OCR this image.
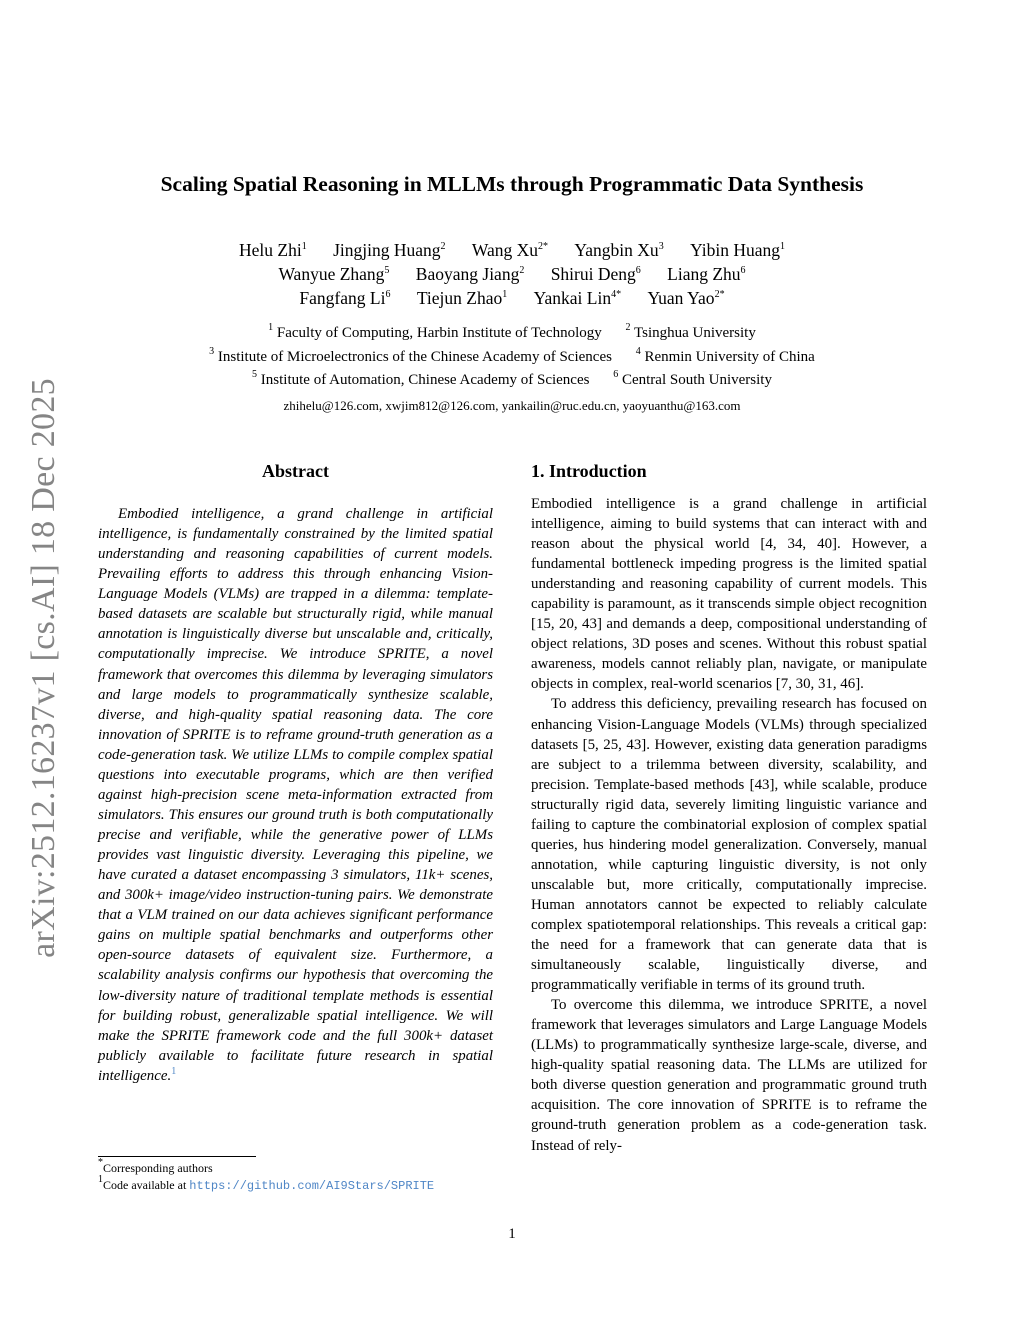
arXiv:2512.16237v1 [cs.AI] 18 Dec 2025
Scaling Spatial Reasoning in MLLMs through Programmatic Data Synthesis
Helu Zhi$^1$ Jingjing Huang$^2$ Wang $Xu^{2*}$ Yangbin Xu$^3$ Yibin Huang$^1$
Wanyue Zhang$^5$ Baoyang Jiang$^2$ Shirui Deng$^6$ Liang Zhu$^6$
Fangfang Li$^6$ Tiejun Zhao$^1$ Yankai Lin$^{4*}$ Yuan Yao$^{2*}$
$^1$ Faculty of Computing, Harbin Institute of Technology $^2$ Tsinghua University
$^3$ Institute of Microelectronics of the Chinese Academy of Sciences $^4$ Renmin University of China
$^5$ Institute of Automation, Chinese Academy of Sciences $^6$ Central South University
zhihelu@126.com, xwjim812@126.com, yankailin@ruc.edu.cn, yaoyuanthu@163.com
Abstract

Embodied intelligence, a grand challenge in artificial intelligence, is fundamentally constrained by the limited spatial understanding and reasoning capabilities of current models. Prevailing efforts to address this through enhancing Vision-Language Models (VLMs) are trapped in a dilemma: template-based datasets are scalable but structurally rigid, while manual annotation is linguistically diverse but unscalable and, critically, computationally imprecise. We introduce SPRITE, a novel framework that overcomes this dilemma by leveraging simulators and large models to programmatically synthesize scalable, diverse, and high-quality spatial reasoning data. The core innovation of SPRITE is to reframe ground-truth generation as a code-generation task. We utilize LLMs to compile complex spatial questions into executable programs, which are then verified against high-precision scene meta-information extracted from simulators. This ensures our ground truth is both computationally precise and verifiable, while the generative power of LLMs provides vast linguistic diversity. Leveraging this pipeline, we have curated a dataset encompassing 3 simulators, 11k+ scenes, and 300k+ image/video instruction-tuning pairs. We demonstrate that a VLM trained on our data achieves significant performance gains on multiple spatial benchmarks and outperforms other open-source datasets of equivalent size. Furthermore, a scalability analysis confirms our hypothesis that overcoming the low-diversity nature of traditional template methods is essential for building robust, generalizable spatial intelligence. We will make the SPRITE framework code and the full 300k+ dataset publicly available to facilitate future research in spatial intelligence.$^1$

1. Introduction

Embodied intelligence is a grand challenge in artificial intelligence, aiming to build systems that can interact with and reason about the physical world [4, 34, 40]. However, a fundamental bottleneck impeding progress is the limited spatial understanding and reasoning capability of current models. This capability is paramount, as it transcends simple object recognition [15, 20, 43] and demands a deep, compositional understanding of object relations, 3D poses and scenes. Without this robust spatial awareness, models cannot reliably plan, navigate, or manipulate objects in complex, real-world scenarios [7, 30, 31, 46].

To address this deficiency, prevailing research has focused on enhancing Vision-Language Models (VLMs) through specialized datasets [5, 25, 43]. However, existing data generation paradigms are subject to a trilemma between diversity, scalability, and precision. Template-based methods [43], while scalable, produce structurally rigid data, severely limiting linguistic variance and failing to capture the combinatorial explosion of complex spatial queries, hus hindering model generalization. Conversely, manual annotation, while capturing linguistic diversity, is not only unscalable but, more critically, computationally imprecise. Human annotators cannot be expected to reliably calculate complex spatiotemporal relationships. This reveals a critical gap: the need for a framework that can generate data that is simultaneously scalable, linguistically diverse, and programmatically verifiable in terms of its ground truth.

To overcome this dilemma, we introduce SPRITE, a novel framework that leverages simulators and Large Language Models (LLMs) to programmatically synthesize large-scale, diverse, and high-quality spatial reasoning data. The LLMs are utilized for both diverse question generation and programmatic ground truth acquisition. The core innovation of SPRITE is to reframe the ground-truth generation problem as a code-generation task. Instead of rely-

*Corresponding authors
$^1$Code available at https://github.com/AI9Stars/SPRITE
1
